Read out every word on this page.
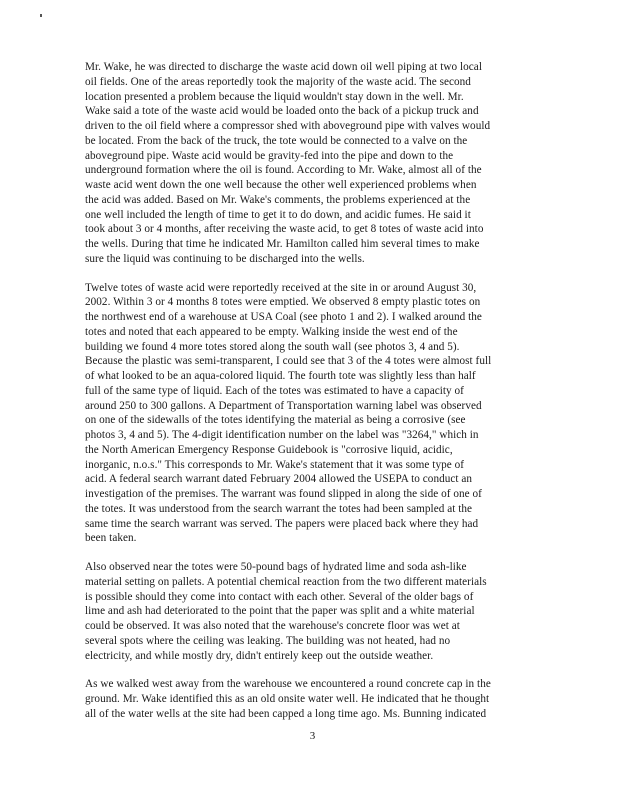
Mr. Wake, he was directed to discharge the waste acid down oil well piping at two local
oil fields. One of the areas reportedly took the majority of the waste acid. The second
location presented a problem because the liquid wouldn't stay down in the well. Mr.
Wake said a tote of the waste acid would be loaded onto the back of a pickup truck and
driven to the oil field where a compressor shed with aboveground pipe with valves would
be located. From the back of the truck, the tote would be connected to a valve on the
aboveground pipe. Waste acid would be gravity-fed into the pipe and down to the
underground formation where the oil is found. According to Mr. Wake, almost all of the
waste acid went down the one well because the other well experienced problems when
the acid was added. Based on Mr. Wake's comments, the problems experienced at the
one well included the length of time to get it to do down, and acidic fumes. He said it
took about 3 or 4 months, after receiving the waste acid, to get 8 totes of waste acid into
the wells. During that time he indicated Mr. Hamilton called him several times to make
sure the liquid was continuing to be discharged into the wells.

Twelve totes of waste acid were reportedly received at the site in or around August 30,
2002. Within 3 or 4 months 8 totes were emptied. We observed 8 empty plastic totes on
the northwest end of a warehouse at USA Coal (see photo 1 and 2). I walked around the
totes and noted that each appeared to be empty. Walking inside the west end of the
building we found 4 more totes stored along the south wall (see photos 3, 4 and 5).
Because the plastic was semi-transparent, I could see that 3 of the 4 totes were almost full
of what looked to be an aqua-colored liquid. The fourth tote was slightly less than half
full of the same type of liquid. Each of the totes was estimated to have a capacity of
around 250 to 300 gallons. A Department of Transportation warning label was observed
on one of the sidewalls of the totes identifying the material as being a corrosive (see
photos 3, 4 and 5). The 4-digit identification number on the label was "3264," which in
the North American Emergency Response Guidebook is "corrosive liquid, acidic,
inorganic, n.o.s." This corresponds to Mr. Wake's statement that it was some type of
acid. A federal search warrant dated February 2004 allowed the USEPA to conduct an
investigation of the premises. The warrant was found slipped in along the side of one of
the totes. It was understood from the search warrant the totes had been sampled at the
same time the search warrant was served. The papers were placed back where they had
been taken.

Also observed near the totes were 50-pound bags of hydrated lime and soda ash-like
material setting on pallets. A potential chemical reaction from the two different materials
is possible should they come into contact with each other. Several of the older bags of
lime and ash had deteriorated to the point that the paper was split and a white material
could be observed. It was also noted that the warehouse's concrete floor was wet at
several spots where the ceiling was leaking. The building was not heated, had no
electricity, and while mostly dry, didn't entirely keep out the outside weather.

As we walked west away from the warehouse we encountered a round concrete cap in the
ground. Mr. Wake identified this as an old onsite water well. He indicated that he thought
all of the water wells at the site had been capped a long time ago. Ms. Bunning indicated

3
